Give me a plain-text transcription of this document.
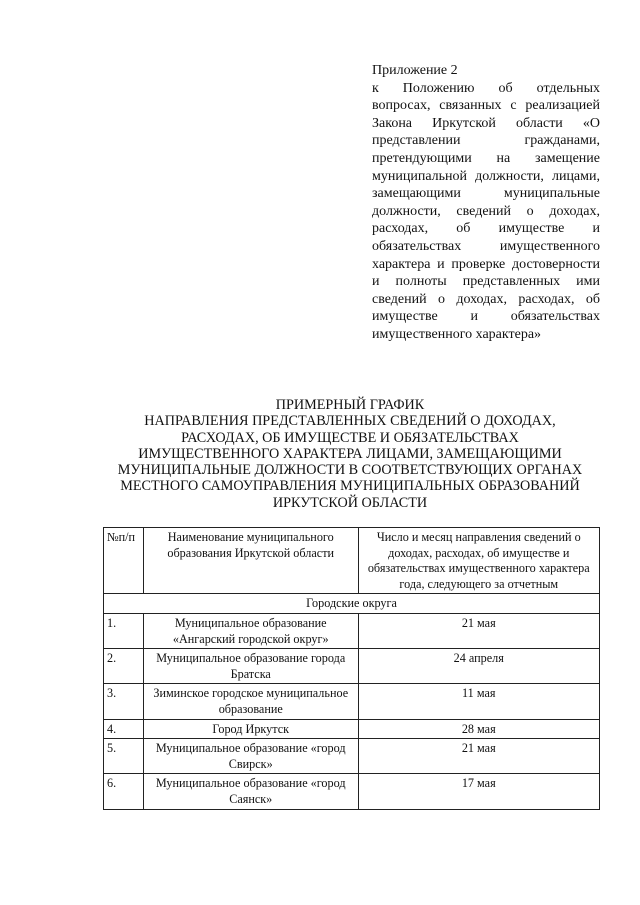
Приложение 2

к Положению об отдельных вопросах, связанных с реализацией Закона Иркутской области «О представлении гражданами, претендующими на замещение муниципальной должности, лицами, замещающими муниципальные должности, сведений о доходах, расходах, об имуществе и обязательствах имущественного характера и проверке достоверности и полноты представленных ими сведений о доходах, расходах, об имуществе и обязательствах имущественного характера»

ПРИМЕРНЫЙ ГРАФИК
НАПРАВЛЕНИЯ ПРЕДСТАВЛЕННЫХ СВЕДЕНИЙ О ДОХОДАХ,
РАСХОДАХ, ОБ ИМУЩЕСТВЕ И ОБЯЗАТЕЛЬСТВАХ
ИМУЩЕСТВЕННОГО ХАРАКТЕРА ЛИЦАМИ, ЗАМЕЩАЮЩИМИ
МУНИЦИПАЛЬНЫЕ ДОЛЖНОСТИ В СООТВЕТСТВУЮЩИХ ОРГАНАХ
МЕСТНОГО САМОУПРАВЛЕНИЯ МУНИЦИПАЛЬНЫХ ОБРАЗОВАНИЙ
ИРКУТСКОЙ ОБЛАСТИ
№п/п	Наименование муниципального образования Иркутской области	Число и месяц направления сведений о доходах, расходах, об имуществе и обязательствах имущественного характера года, следующего за отчетным
Городские округа		
1.	Муниципальное образование «Ангарский городской округ»	21 мая
2.	Муниципальное образование города Братска	24 апреля
3.	Зиминское городское муниципальное образование	11 мая
4.	Город Иркутск	28 мая
5.	Муниципальное образование «город Свирск»	21 мая
6.	Муниципальное образование «город Саянск»	17 мая
